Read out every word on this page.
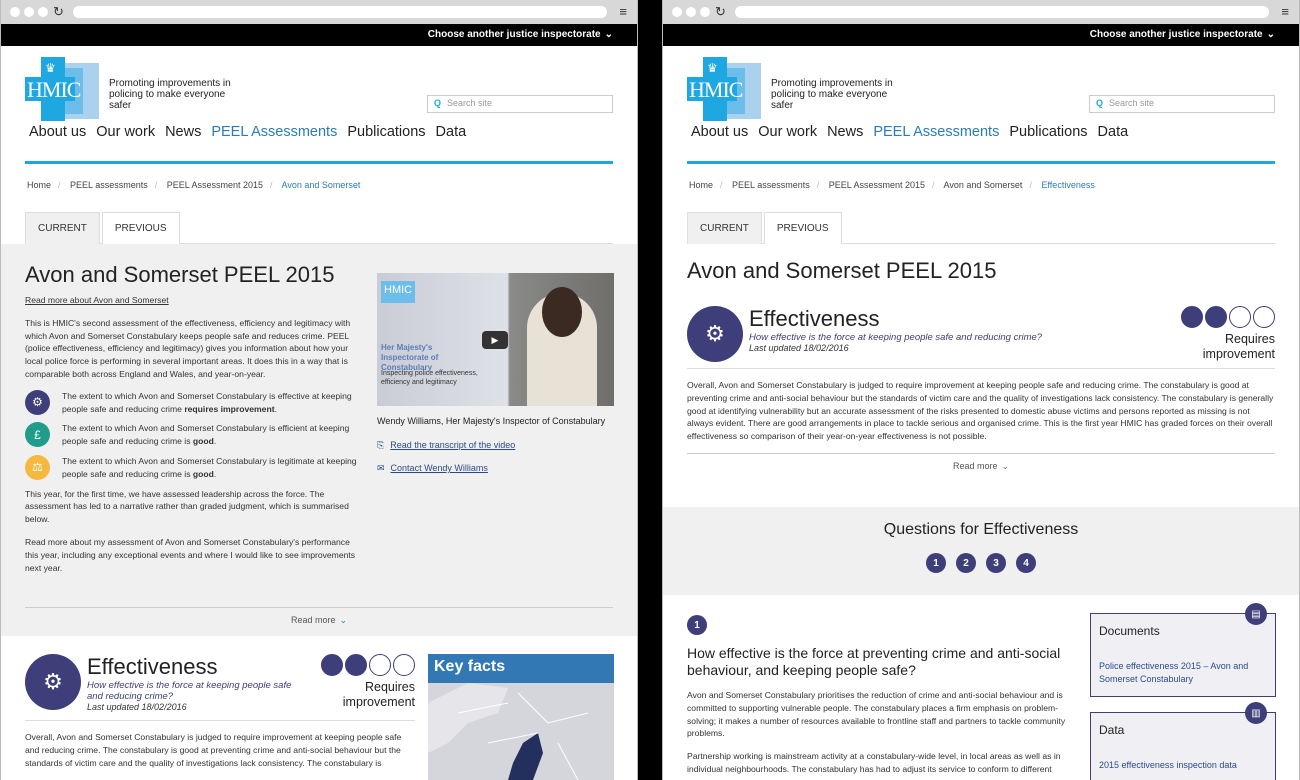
↻	≡
Choose another justice inspectorate ⌄
♛
HMIC	Promoting improvements in policing to make everyone safer	Q Search site
About us Our work News PEEL Assessments Publications Data
Home / PEEL assessments / PEEL Assessment 2015 / Avon and Somerset
CURRENT	PREVIOUS
Avon and Somerset PEEL 2015
Read more about Avon and Somerset
This is HMIC's second assessment of the effectiveness, efficiency and legitimacy with which Avon and Somerset Constabulary keeps people safe and reduces crime. PEEL (police effectiveness, efficiency and legitimacy) gives you information about how your local police force is performing in several important areas. It does this in a way that is comparable both across England and Wales, and year-on-year.
⚙	The extent to which Avon and Somerset Constabulary is effective at keeping people safe and reducing crime requires improvement.
£	The extent to which Avon and Somerset Constabulary is efficient at keeping people safe and reducing crime is good.
⚖	The extent to which Avon and Somerset Constabulary is legitimate at keeping people safe and reducing crime is good.
This year, for the first time, we have assessed leadership across the force. The assessment has led to a narrative rather than graded judgment, which is summarised below.
Read more about my assessment of Avon and Somerset Constabulary's performance this year, including any exceptional events and where I would like to see improvements next year.
Read more ⌄
HMIC
Her Majesty's Inspectorate of Constabulary
Inspecting police effectiveness, efficiency and legitimacy
▶
Wendy Williams, Her Majesty's Inspector of Constabulary
⎘ Read the transcript of the video
✉ Contact Wendy Williams
⚙
Effectiveness
How effective is the force at keeping people safe and reducing crime?
Last updated 18/02/2016
Requires
improvement
Overall, Avon and Somerset Constabulary is judged to require improvement at keeping people safe and reducing crime. The constabulary is good at preventing crime and anti-social behaviour but the standards of victim care and the quality of investigations lack consistency. The constabulary is
Key facts
↻	≡
Choose another justice inspectorate ⌄
♛
HMIC	Promoting improvements in policing to make everyone safer	Q Search site
About us Our work News PEEL Assessments Publications Data
Home / PEEL assessments / PEEL Assessment 2015 / Avon and Somerset / Effectiveness
CURRENT	PREVIOUS
Avon and Somerset PEEL 2015
⚙
Effectiveness
How effective is the force at keeping people safe and reducing crime?
Last updated 18/02/2016
Requires
improvement
Overall, Avon and Somerset Constabulary is judged to require improvement at keeping people safe and reducing crime. The constabulary is good at preventing crime and anti-social behaviour but the standards of victim care and the quality of investigations lack consistency. The constabulary is generally good at identifying vulnerability but an accurate assessment of the risks presented to domestic abuse victims and persons reported as missing is not always evident. There are good arrangements in place to tackle serious and organised crime. This is the first year HMIC has graded forces on their overall effectiveness so comparison of their year-on-year effectiveness is not possible.
Read more ⌄
Questions for Effectiveness
1	2	3	4
1
How effective is the force at preventing crime and anti-social behaviour, and keeping people safe?
Avon and Somerset Constabulary prioritises the reduction of crime and anti-social behaviour and is committed to supporting vulnerable people. The constabulary places a firm emphasis on problem-solving; it makes a number of resources available to frontline staff and partners to tackle community problems.
Partnership working is mainstream activity at a constabulary-wide level, in local areas as well as in individual neighbourhoods. The constabulary has had to adjust its service to conform to different
▤
Documents
Police effectiveness 2015 – Avon and Somerset Constabulary
▥
Data
2015 effectiveness inspection data
